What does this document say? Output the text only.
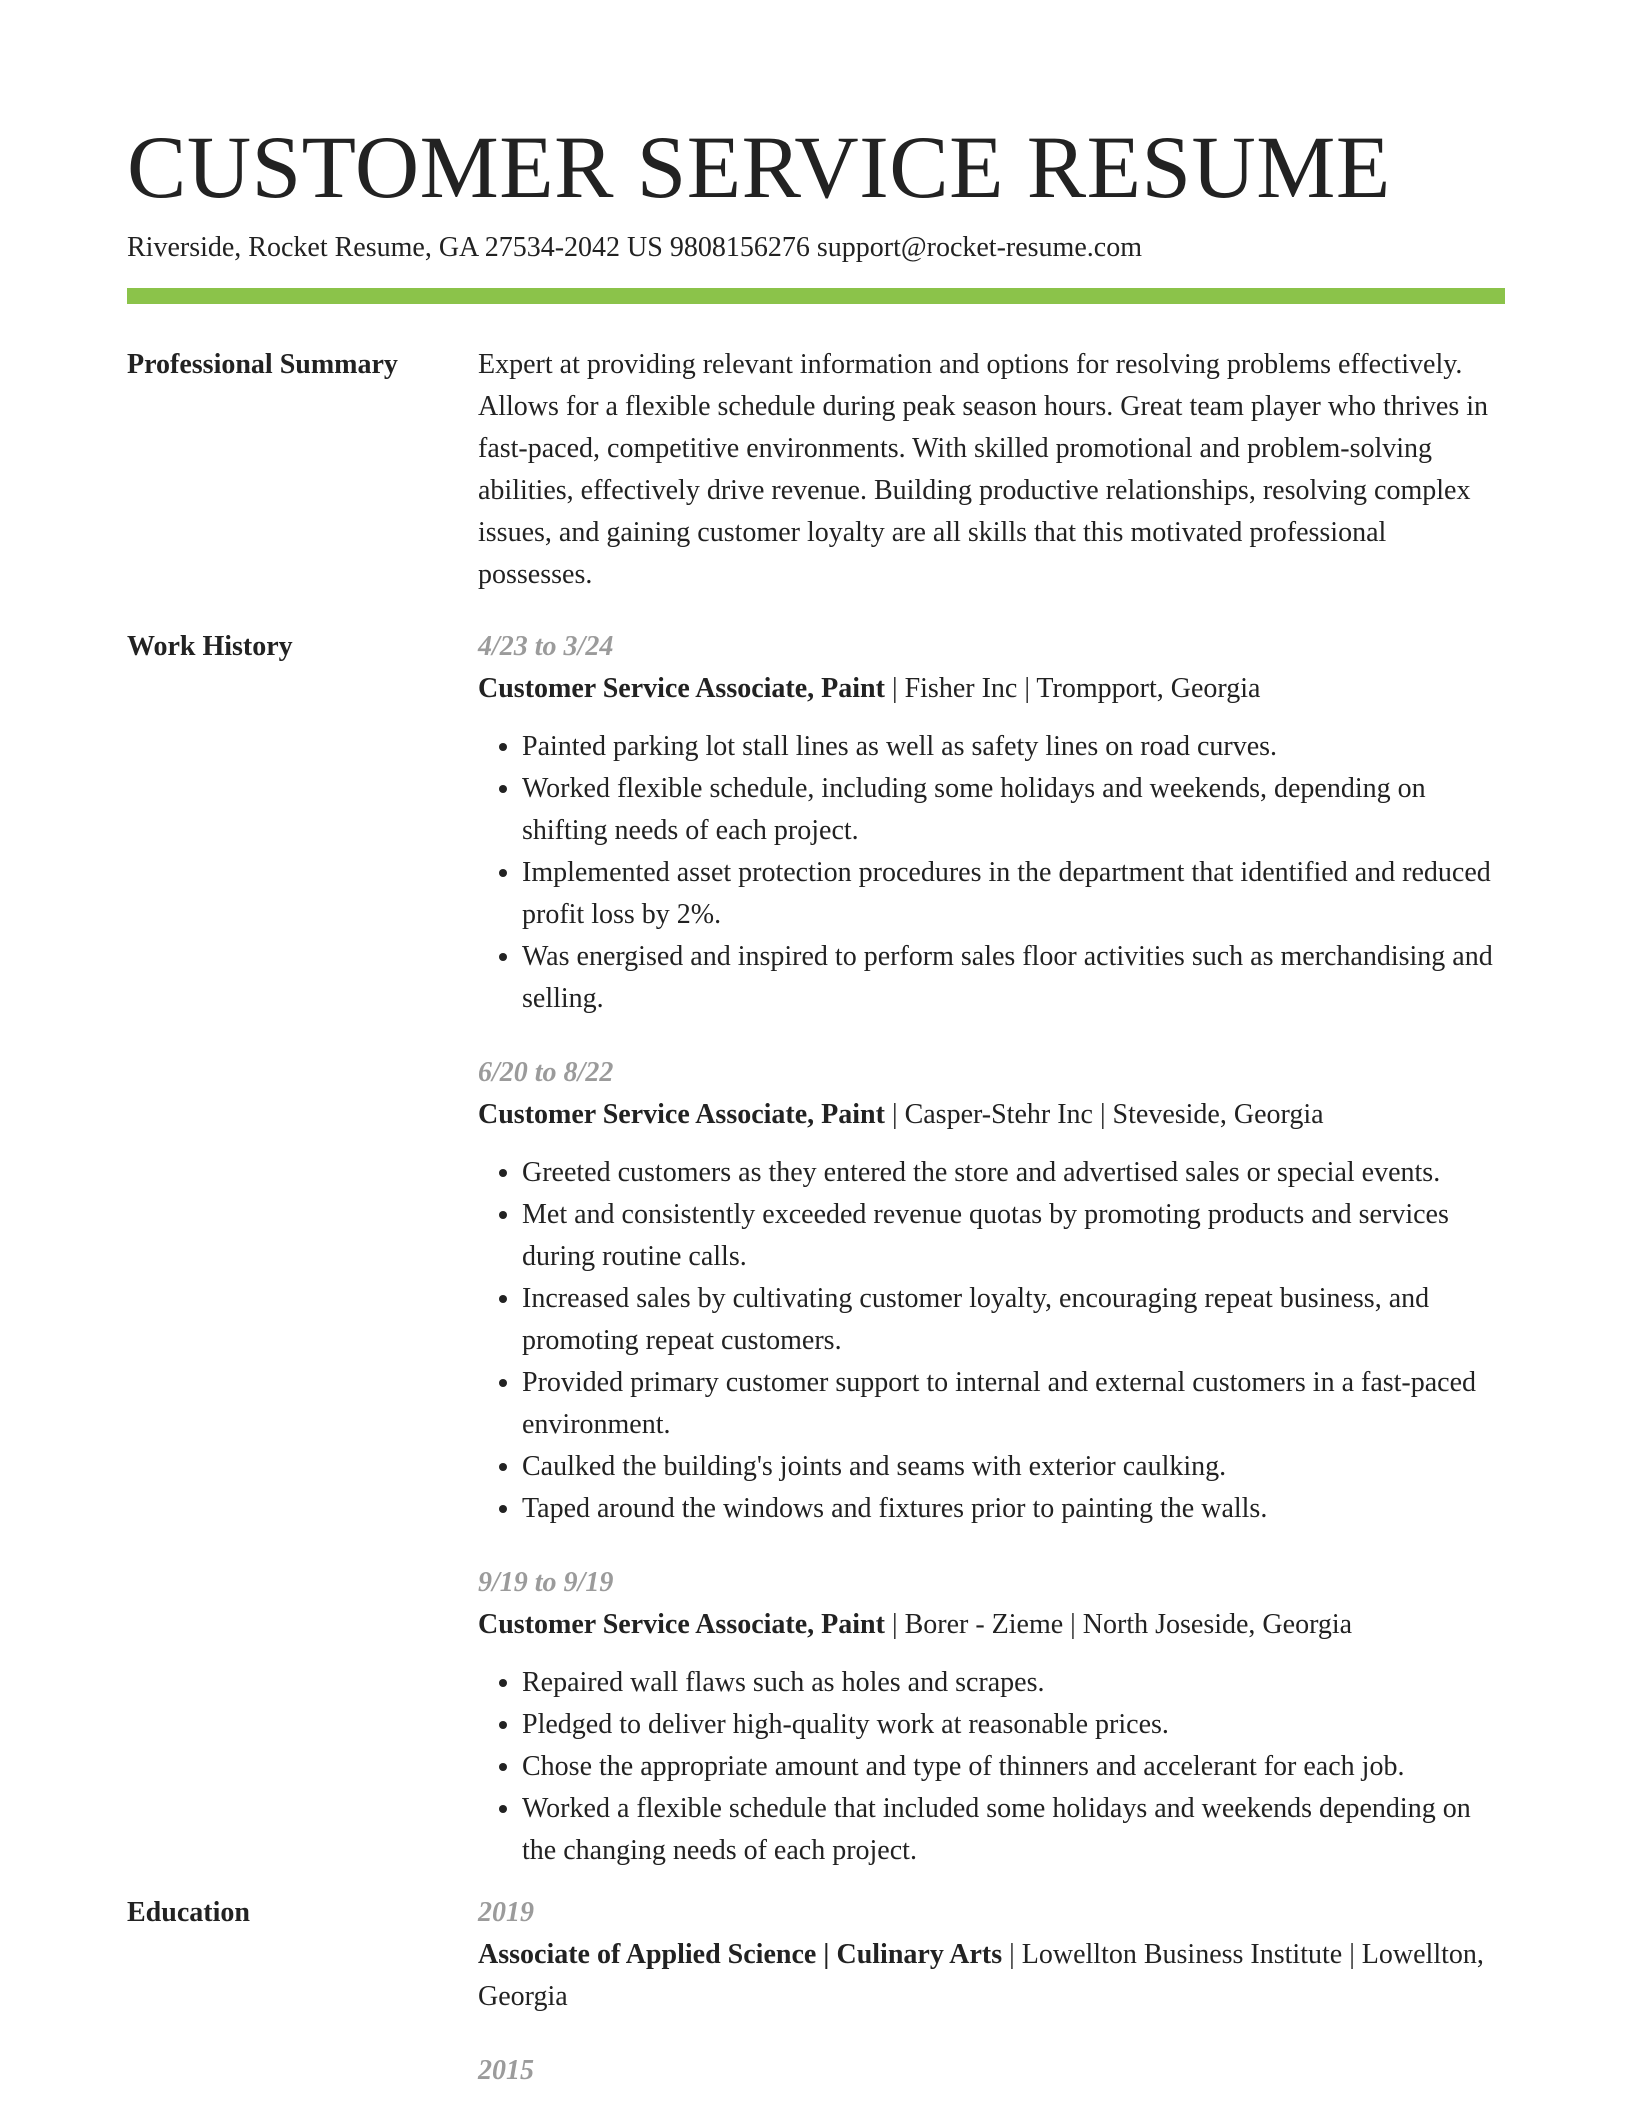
CUSTOMER SERVICE RESUME
Riverside, Rocket Resume, GA 27534-2042 US 9808156276 support@rocket-resume.com
Professional Summary	Expert at providing relevant information and options for resolving problems effectively. Allows for a flexible schedule during peak season hours. Great team player who thrives in fast-paced, competitive environments. With skilled promotional and problem-solving abilities, effectively drive revenue. Building productive relationships, resolving complex issues, and gaining customer loyalty are all skills that this motivated professional possesses.

Work History	4/23 to 3/24
Customer Service Associate, Paint | Fisher Inc | Trompport, Georgia
• Painted parking lot stall lines as well as safety lines on road curves.
• Worked flexible schedule, including some holidays and weekends, depending on shifting needs of each project.
• Implemented asset protection procedures in the department that identified and reduced profit loss by 2%.
• Was energised and inspired to perform sales floor activities such as merchandising and selling.
6/20 to 8/22
Customer Service Associate, Paint | Casper-Stehr Inc | Steveside, Georgia
• Greeted customers as they entered the store and advertised sales or special events.
• Met and consistently exceeded revenue quotas by promoting products and services during routine calls.
• Increased sales by cultivating customer loyalty, encouraging repeat business, and promoting repeat customers.
• Provided primary customer support to internal and external customers in a fast-paced environment.
• Caulked the building's joints and seams with exterior caulking.
• Taped around the windows and fixtures prior to painting the walls.
9/19 to 9/19
Customer Service Associate, Paint | Borer - Zieme | North Joseside, Georgia
• Repaired wall flaws such as holes and scrapes.
• Pledged to deliver high-quality work at reasonable prices.
• Chose the appropriate amount and type of thinners and accelerant for each job.
• Worked a flexible schedule that included some holidays and weekends depending on the changing needs of each project.
Education	2019
Associate of Applied Science | Culinary Arts | Lowellton Business Institute | Lowellton, Georgia
2015
